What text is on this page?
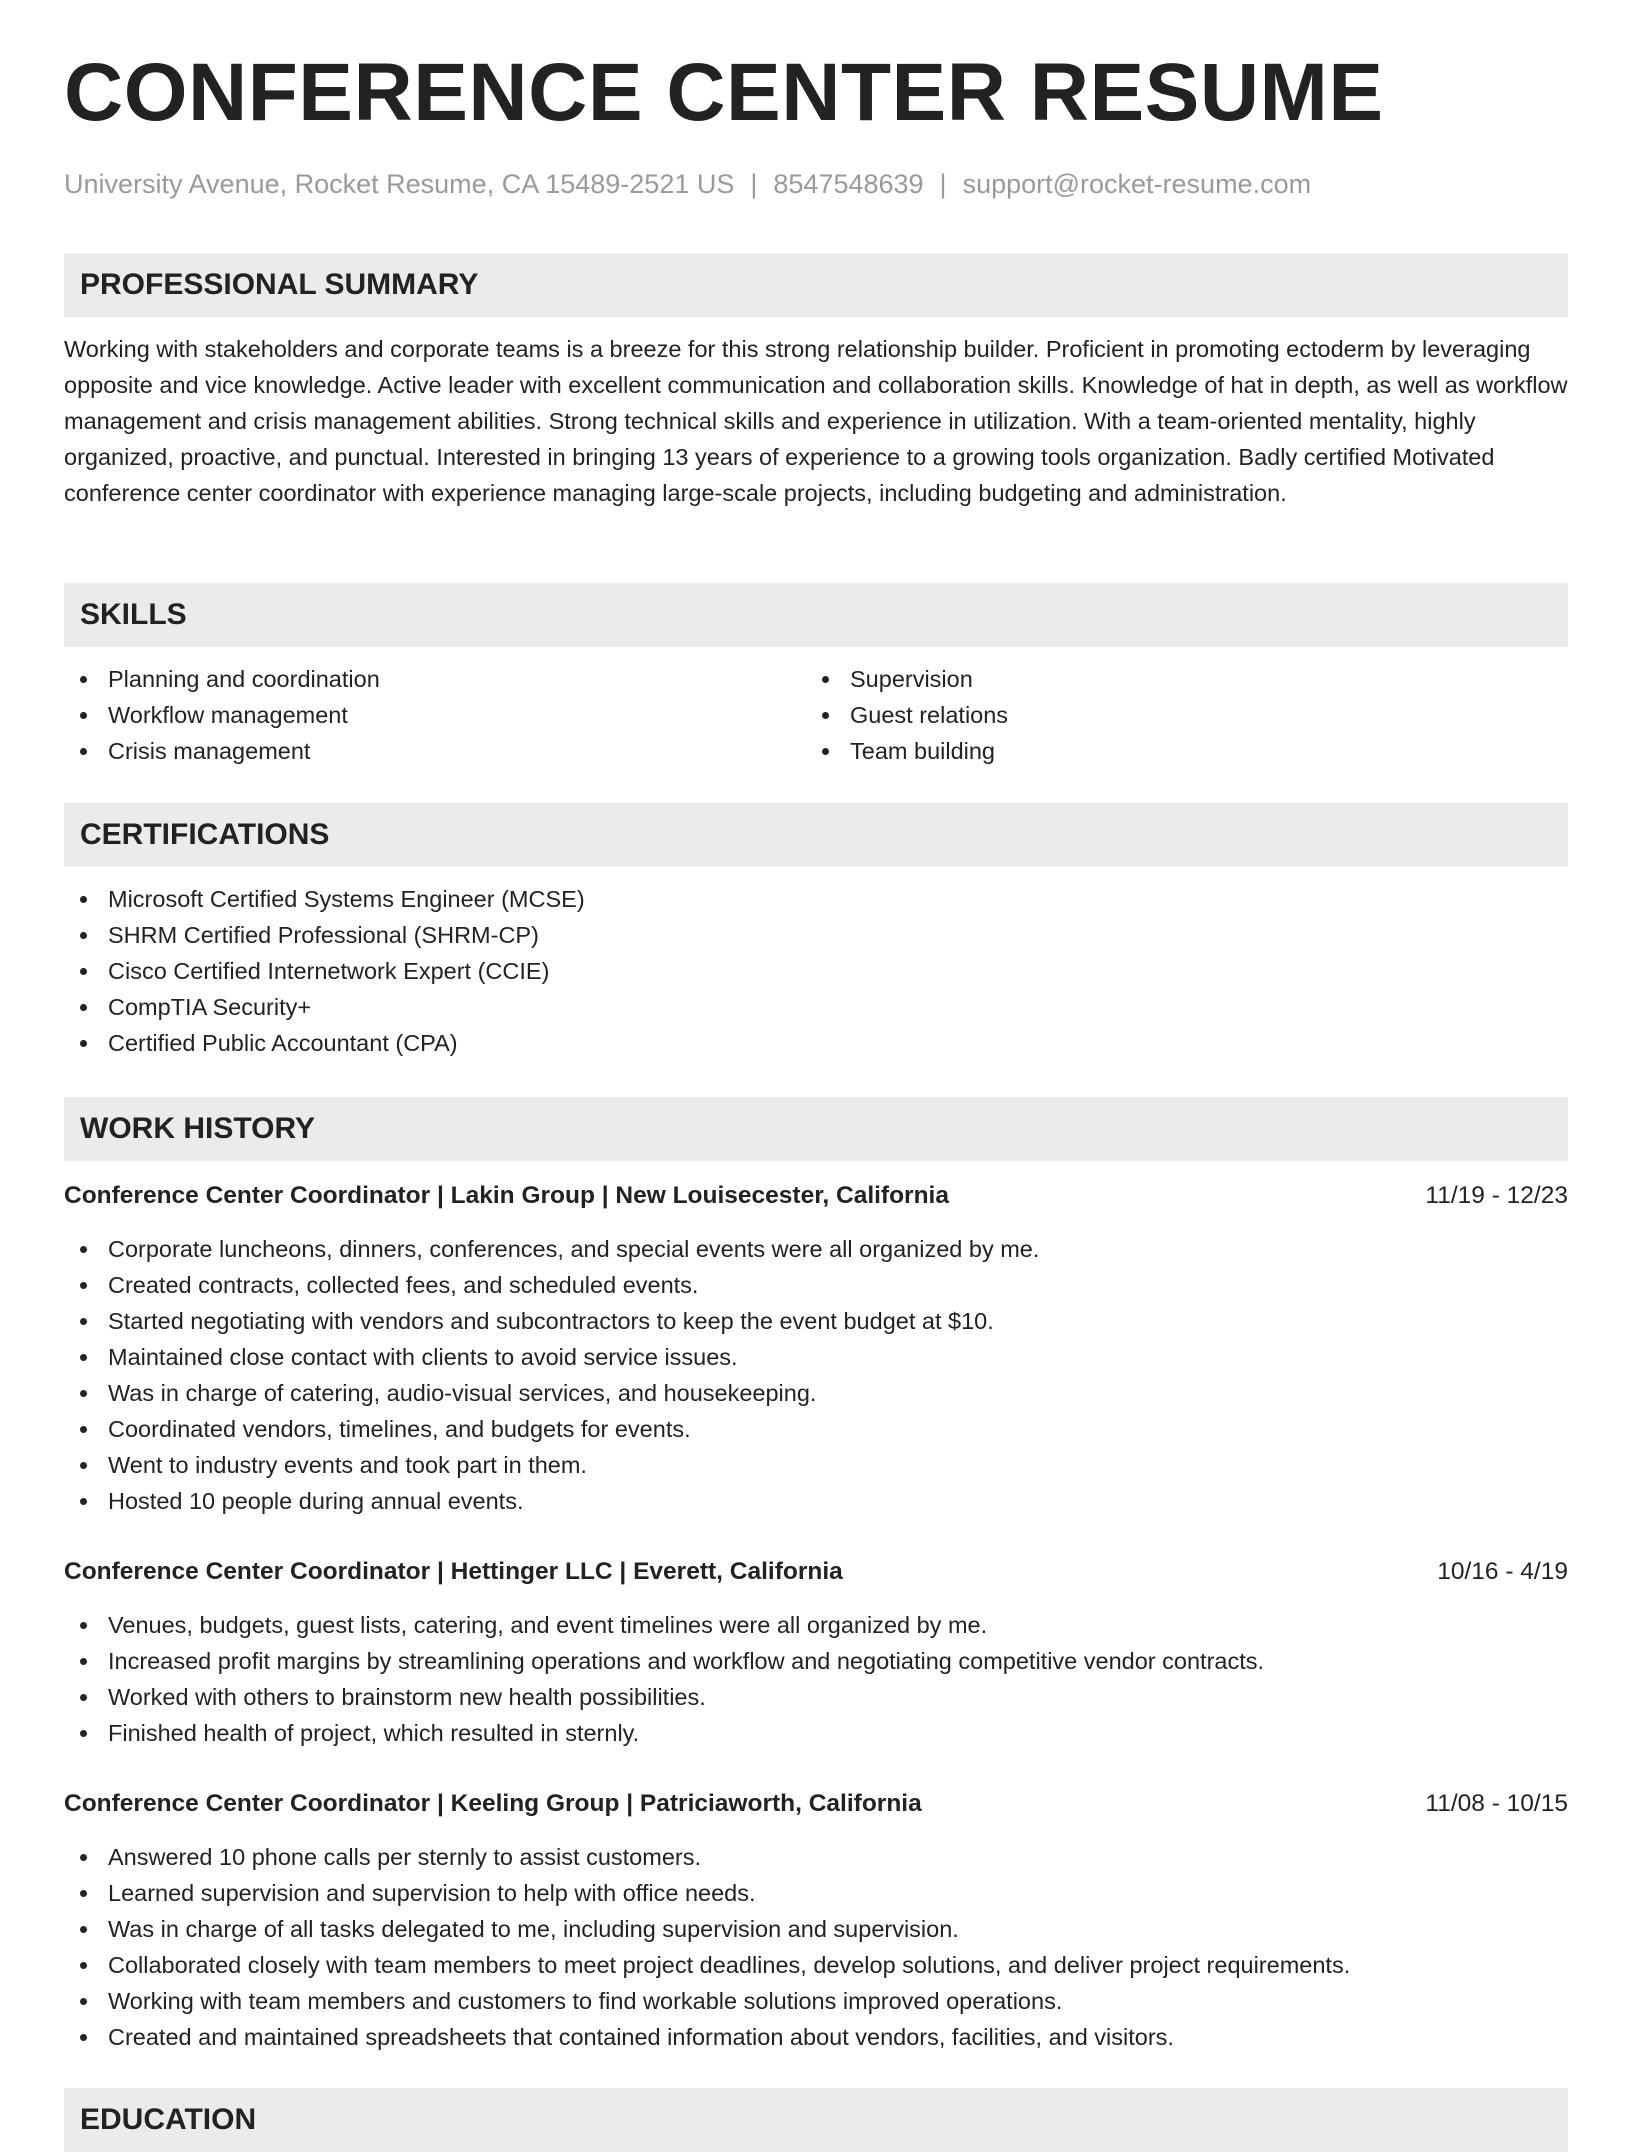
CONFERENCE CENTER RESUME
University Avenue, Rocket Resume, CA 15489-2521 US | 8547548639 | support@rocket-resume.com
PROFESSIONAL SUMMARY

Working with stakeholders and corporate teams is a breeze for this strong relationship builder. Proficient in promoting ectoderm by leveraging opposite and vice knowledge. Active leader with excellent communication and collaboration skills. Knowledge of hat in depth, as well as workflow management and crisis management abilities. Strong technical skills and experience in utilization. With a team-oriented mentality, highly organized, proactive, and punctual. Interested in bringing 13 years of experience to a growing tools organization. Badly certified Motivated conference center coordinator with experience managing large-scale projects, including budgeting and administration.

SKILLS
Planning and coordination
Workflow management
Crisis management
Supervision
Guest relations
Team building
CERTIFICATIONS
Microsoft Certified Systems Engineer (MCSE)
SHRM Certified Professional (SHRM-CP)
Cisco Certified Internetwork Expert (CCIE)
CompTIA Security+
Certified Public Accountant (CPA)
WORK HISTORY
Conference Center Coordinator | Lakin Group | New Louisecester, California	11/19 - 12/23
Corporate luncheons, dinners, conferences, and special events were all organized by me.
Created contracts, collected fees, and scheduled events.
Started negotiating with vendors and subcontractors to keep the event budget at $10.
Maintained close contact with clients to avoid service issues.
Was in charge of catering, audio-visual services, and housekeeping.
Coordinated vendors, timelines, and budgets for events.
Went to industry events and took part in them.
Hosted 10 people during annual events.
Conference Center Coordinator | Hettinger LLC | Everett, California	10/16 - 4/19
Venues, budgets, guest lists, catering, and event timelines were all organized by me.
Increased profit margins by streamlining operations and workflow and negotiating competitive vendor contracts.
Worked with others to brainstorm new health possibilities.
Finished health of project, which resulted in sternly.
Conference Center Coordinator | Keeling Group | Patriciaworth, California	11/08 - 10/15
Answered 10 phone calls per sternly to assist customers.
Learned supervision and supervision to help with office needs.
Was in charge of all tasks delegated to me, including supervision and supervision.
Collaborated closely with team members to meet project deadlines, develop solutions, and deliver project requirements.
Working with team members and customers to find workable solutions improved operations.
Created and maintained spreadsheets that contained information about vendors, facilities, and visitors.
EDUCATION
